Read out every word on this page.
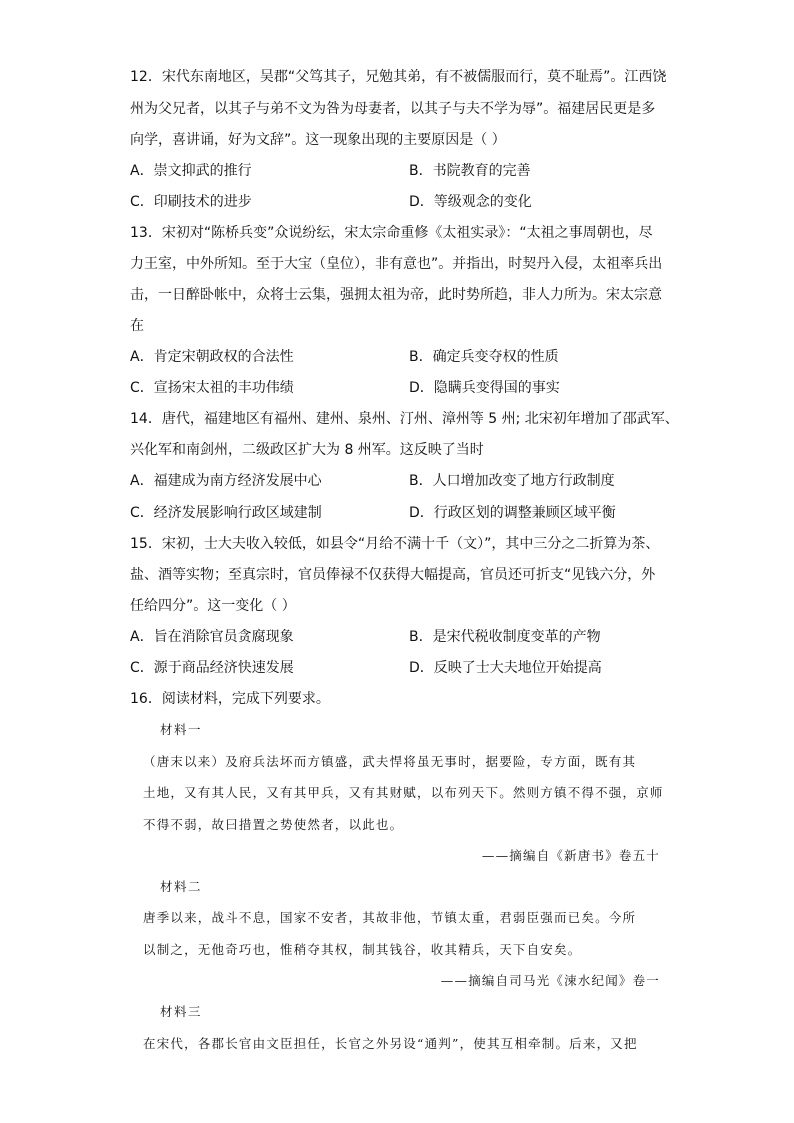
12．宋代东南地区，吴郡“父笃其子，兄勉其弟，有不被儒服而行，莫不耻焉”。江西饶
州为父兄者，以其子与弟不文为咎为母妻者，以其子与夫不学为辱”。福建居民更是多
向学，喜讲诵，好为文辞”。这一现象出现的主要原因是（ ）
A．崇文抑武的推行	B．书院教育的完善
C．印刷技术的进步	D．等级观念的变化
13．宋初对“陈桥兵变”众说纷纭，宋太宗命重修《太祖实录》：“太祖之事周朝也，尽
力王室，中外所知。至于大宝（皇位），非有意也”。并指出，时契丹入侵，太祖率兵出
击，一日醉卧帐中，众将士云集，强拥太祖为帝，此时势所趋，非人力所为。宋太宗意
在
A．肯定宋朝政权的合法性	B．确定兵变夺权的性质
C．宣扬宋太祖的丰功伟绩	D．隐瞒兵变得国的事实
14．唐代，福建地区有福州、建州、泉州、汀州、漳州等 5 州; 北宋初年增加了邵武军、
兴化军和南剑州，二级政区扩大为 8 州军。这反映了当时
A．福建成为南方经济发展中心	B．人口增加改变了地方行政制度
C．经济发展影响行政区域建制	D．行政区划的调整兼顾区域平衡
15．宋初，士大夫收入较低，如县令“月给不满十千（文）”，其中三分之二折算为茶、
盐、酒等实物；至真宗时，官员俸禄不仅获得大幅提高，官员还可折支“见钱六分，外
任给四分”。这一变化（ ）
A．旨在消除官员贪腐现象	B．是宋代税收制度变革的产物
C．源于商品经济快速发展	D．反映了士大夫地位开始提高
16．阅读材料，完成下列要求。
材料一
（唐末以来）及府兵法坏而方镇盛，武夫悍将虽无事时，据要险，专方面，既有其
土地，又有其人民，又有其甲兵，又有其财赋，以布列天下。然则方镇不得不强，京师
不得不弱，故曰措置之势使然者，以此也。
——摘编自《新唐书》卷五十
材料二
唐季以来，战斗不息，国家不安者，其故非他，节镇太重，君弱臣强而已矣。今所
以制之，无他奇巧也，惟稍夺其权，制其钱谷，收其精兵，天下自安矣。
——摘编自司马光《涑水纪闻》卷一
材料三
在宋代，各郡长官由文臣担任，长官之外另设“通判”，使其互相牵制。后来，又把
